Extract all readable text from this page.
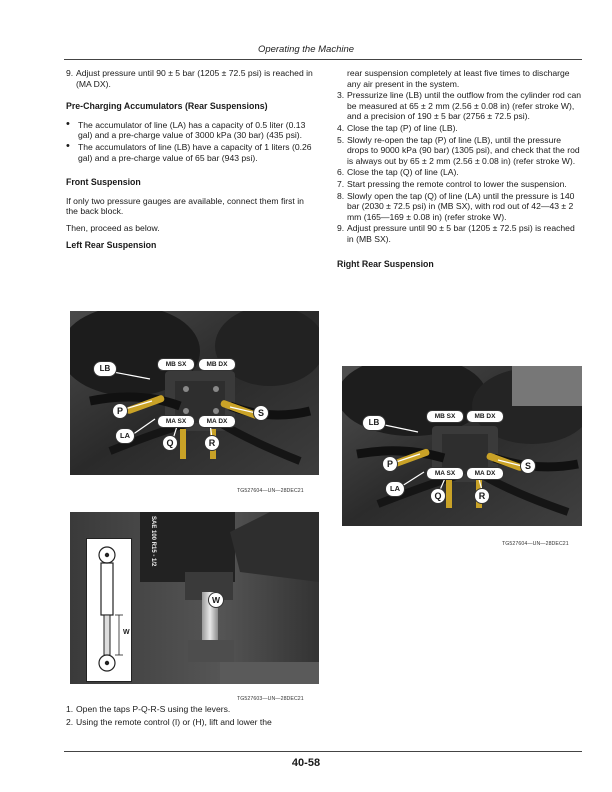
Operating the Machine
9. Adjust pressure until 90 ± 5 bar (1205 ± 72.5 psi) is reached in (MA DX).
Pre-Charging Accumulators (Rear Suspensions)
• The accumulator of line (LA) has a capacity of 0.5 liter (0.13 gal) and a pre-charge value of 3000 kPa (30 bar) (435 psi).
• The accumulators of line (LB) have a capacity of 1 liters (0.26 gal) and a pre-charge value of 65 bar (943 psi).
Front Suspension

If only two pressure gauges are available, connect them first in the back block.

Then, proceed as below.

Left Rear Suspension
LB
P
LA
Q	R
S
MB SX	MB DX
MA SX	MA DX
TG527604—UN—28DEC21
SAE 100 R15 - 1/2
W
W
TG527603—UN—28DEC21
1. Open the taps P-Q-R-S using the levers.
2. Using the remote control (I) or (H), lift and lower the

rear suspension completely at least five times to discharge any air present in the system.

3. Pressurize line (LB) until the outflow from the cylinder rod can be measured at 65 ± 2 mm (2.56 ± 0.08 in) (refer stroke W), and a precision of 190 ± 5 bar (2756 ± 72.5 psi).
4. Close the tap (P) of line (LB).
5. Slowly re-open the tap (P) of line (LB), until the pressure drops to 9000 kPa (90 bar) (1305 psi), and check that the rod is always out by 65 ± 2 mm (2.56 ± 0.08 in) (refer stroke W).
6. Close the tap (Q) of line (LA).
7. Start pressing the remote control to lower the suspension.
8. Slowly open the tap (Q) of line (LA) until the pressure is 140 bar (2030 ± 72.5 psi) in (MB SX), with rod out of 42—43 ± 2 mm (165—169 ± 0.08 in) (refer stroke W).
9. Adjust pressure until 90 ± 5 bar (1205 ± 72.5 psi) is reached in (MB SX).
Right Rear Suspension
LB
P
LA
Q	R
S
MB SX	MB DX
MA SX	MA DX
TG527604—UN—28DEC21
40-58
